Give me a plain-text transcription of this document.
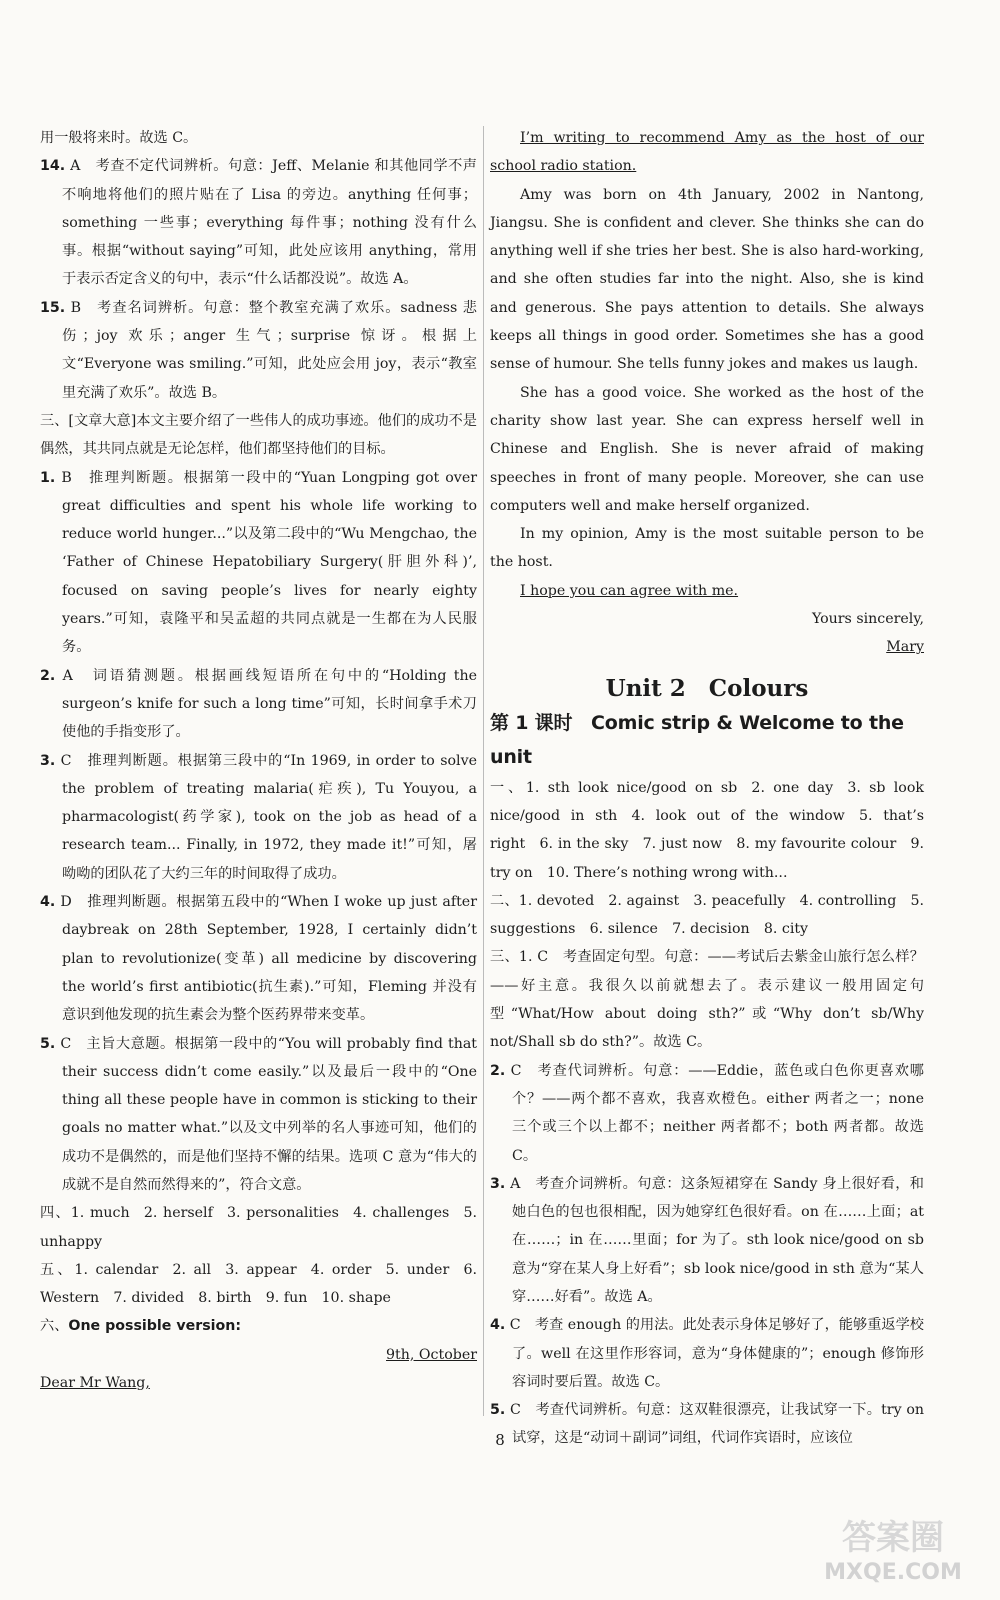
用一般将来时。故选 C。

14. A　考查不定代词辨析。句意：Jeff、Melanie 和其他同学不声不响地将他们的照片贴在了 Lisa 的旁边。anything 任何事；something 一些事；everything 每件事；nothing 没有什么事。根据“without saying”可知，此处应该用 anything，常用于表示否定含义的句中，表示“什么话都没说”。故选 A。

15. B　考查名词辨析。句意：整个教室充满了欢乐。sadness 悲伤；joy 欢乐；anger 生气；surprise 惊讶。根据上文“Everyone was smiling.”可知，此处应会用 joy，表示“教室里充满了欢乐”。故选 B。

三、[文章大意]本文主要介绍了一些伟人的成功事迹。他们的成功不是偶然，其共同点就是无论怎样，他们都坚持他们的目标。

1. B　推理判断题。根据第一段中的“Yuan Longping got over great difficulties and spent his whole life working to reduce world hunger...”以及第二段中的“Wu Mengchao, the ‘Father of Chinese Hepatobiliary Surgery(肝胆外科)’, focused on saving people’s lives for nearly eighty years.”可知，袁隆平和吴孟超的共同点就是一生都在为人民服务。

2. A　词语猜测题。根据画线短语所在句中的“Holding the surgeon’s knife for such a long time”可知，长时间拿手术刀使他的手指变形了。

3. C　推理判断题。根据第三段中的“In 1969, in order to solve the problem of treating malaria(疟疾), Tu Youyou, a pharmacologist(药学家), took on the job as head of a research team... Finally, in 1972, they made it!”可知，屠呦呦的团队花了大约三年的时间取得了成功。

4. D　推理判断题。根据第五段中的“When I woke up just after daybreak on 28th September, 1928, I certainly didn’t plan to revolutionize(变革) all medicine by discovering the world’s first antibiotic(抗生素).”可知，Fleming 并没有意识到他发现的抗生素会为整个医药界带来变革。

5. C　主旨大意题。根据第一段中的“You will probably find that their success didn’t come easily.”以及最后一段中的“One thing all these people have in common is sticking to their goals no matter what.”以及文中列举的名人事迹可知，他们的成功不是偶然的，而是他们坚持不懈的结果。选项 C 意为“伟大的成就不是自然而然得来的”，符合文意。

四、1. much  2. herself  3. personalities  4. challenges  5. unhappy 

五、1. calendar  2. all  3. appear  4. order  5. under  6. Western  7. divided  8. birth  9. fun  10. shape 

六、One possible version:

9th, October

Dear Mr Wang,

I’m writing to recommend Amy as the host of our school radio station.

Amy was born on 4th January, 2002 in Nantong, Jiangsu. She is confident and clever. She thinks she can do anything well if she tries her best. She is also hard-working, and she often studies far into the night. Also, she is kind and generous. She pays attention to details. She always keeps all things in good order. Sometimes she has a good sense of humour. She tells funny jokes and makes us laugh.

She has a good voice. She worked as the host of the charity show last year. She can express herself well in Chinese and English. She is never afraid of making speeches in front of many people. Moreover, she can use computers well and make herself organized.

In my opinion, Amy is the most suitable person to be the host.

I hope you can agree with me.

Yours sincerely,

Mary

Unit 2　Colours

第 1 课时　Comic strip & Welcome to the unit

一、1. sth look nice/good on sb  2. one day  3. sb look nice/good in sth  4. look out of the window  5. that’s right  6. in the sky  7. just now  8. my favourite colour  9. try on  10. There’s nothing wrong with... 

二、1. devoted  2. against  3. peacefully  4. controlling  5. suggestions  6. silence  7. decision  8. city 

三、1. C　考查固定句型。句意：——考试后去紫金山旅行怎么样？——好主意。我很久以前就想去了。表示建议一般用固定句型“What/How about doing sth?”或“Why don’t sb/Why not/Shall sb do sth?”。故选 C。

2. C　考查代词辨析。句意：——Eddie，蓝色或白色你更喜欢哪个？——两个都不喜欢，我喜欢橙色。either 两者之一；none 三个或三个以上都不；neither 两者都不；both 两者都。故选 C。

3. A　考查介词辨析。句意：这条短裙穿在 Sandy 身上很好看，和她白色的包也很相配，因为她穿红色很好看。on 在……上面；at 在……；in 在……里面；for 为了。sth look nice/good on sb 意为“穿在某人身上好看”；sb look nice/good in sth 意为“某人穿……好看”。故选 A。

4. C　考查 enough 的用法。此处表示身体足够好了，能够重返学校了。well 在这里作形容词，意为“身体健康的”；enough 修饰形容词时要后置。故选 C。

5. C　考查代词辨析。句意：这双鞋很漂亮，让我试穿一下。try on 试穿，这是“动词＋副词”词组，代词作宾语时，应该位

8
答案圈
MXQE.COM
